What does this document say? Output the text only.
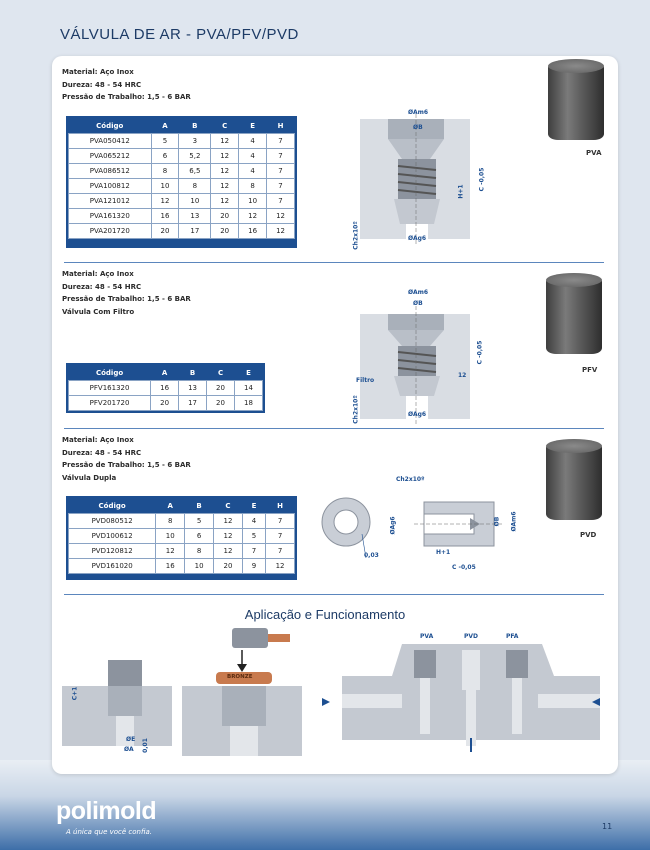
VÁLVULA DE AR - PVA/PFV/PVD
Material: Aço Inox
Dureza: 48 - 54 HRC
Pressão de Trabalho: 1,5 - 6 BAR
Código	A	B	C	E	H
PVA050412	5	3	12	4	7
PVA065212	6	5,2	12	4	7
PVA086512	8	6,5	12	4	7
PVA100812	10	8	12	8	7
PVA121012	12	10	12	10	7
PVA161320	16	13	20	12	12
PVA201720	20	17	20	16	12
ØAm6
ØB
ØAg6
C -0,05
H+1
Ch2x10º
PVA
Material: Aço Inox
Dureza: 48 - 54 HRC
Pressão de Trabalho: 1,5 - 6 BAR
Válvula Com Filtro
Código	A	B	C	E
PFV161320	16	13	20	14
PFV201720	20	17	20	18
ØAm6
ØB
ØAg6
C -0,05
12
Filtro
Ch2x10º
PFV
Material: Aço Inox
Dureza: 48 - 54 HRC
Pressão de Trabalho: 1,5 - 6 BAR
Válvula Dupla
Código	A	B	C	E	H
PVD080512	8	5	12	4	7
PVD100612	10	6	12	5	7
PVD120812	12	8	12	7	7
PVD161020	16	10	20	9	12
0,03
Ch2x10º
ØAg6	ØB ØAm6
H+1
C -0,05
PVD
Aplicação e Funcionamento
C+1
ØE
ØA 0,01
BRONZE
PVA	PVD	PFA
polimold
A única que você confia.
11
